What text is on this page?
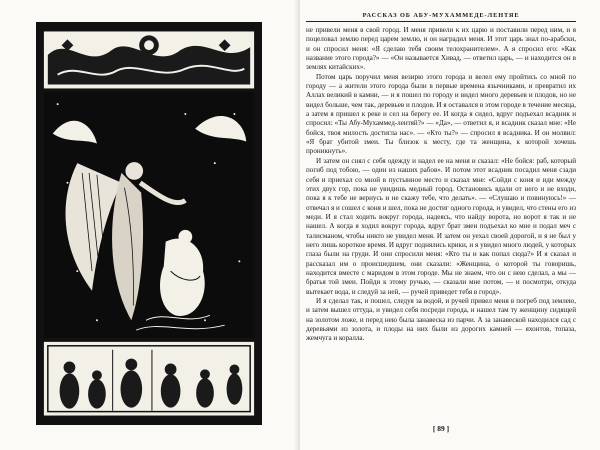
РАССКАЗ ОБ АБУ-МУХАММЕДЕ-ЛЕНТЯЕ

не привели меня в свой город. И меня привели к их царю и поставили перед ним, и я поцеловал землю перед царем землю, и он наградил меня. И этот царь знал по-арабски, и он спросил меня: «Я сделаю тебя своим телохранителем». А я спросил его: «Как название этого города?» — «Он называется Хивад, — ответил царь, — и находится он в землях китайских».

Потом царь поручил меня везирю этого города и велел ему пройтись со мной по городу — а жители этого города были в первые времена язычниками, и превратил их Аллах великий в камни, — и я пошел по городу и видел много деревьев и плодов, но не видел больше, чем так, деревьев и плодов. И я оставался в этом городе в течение месяца, а затем я пришел к реке и сел на берегу ее. И когда я сидел, вдруг подъехал всадник и спросил: «Ты Абу-Мухаммед-лентяй?» — «Да», — ответил я, и всадник сказал мне: «Не бойся, твоя милость достигла нас». — «Кто ты?» — спросил я всадника. И он молвил: «Я брат убитой змеи. Ты близок к месту, где та женщина, к которой хочешь проникнуть».

И затем он снял с себя одежду и надел ее на меня и сказал: «Не бойся: раб, который погиб под тобою, — один из наших рабов». И потом этот всадник посадил меня сзади себя и приехал со мной в пустынное место и сказал мне: «Сойди с коня и иди между этих двух гор, пока не увидишь медный город. Остановись вдали от него и не входи, пока я к тебе не вернусь и не скажу тебе, что делать». — «Слушаю и повинуюсь!» — отвечал я и сошел с коня и шел, пока не достиг одного города, и увидел, что стены его из меди. И я стал ходить вокруг города, надеясь, что найду ворота, но ворот я так и не нашел. А когда я ходил вокруг города, вдруг брат змеи подъехал ко мне и подал меч с талисманом, чтобы никто не увидел меня. И затем он уехал своей дорогой, и я не был у него лишь короткое время. И вдруг поднялись крики, и я увидел много людей, у которых глаза были на груди. И они спросили меня: «Кто ты и как попал сюда?» И я сказал и рассказал им о происшедшем, они сказали: «Женщина, о которой ты говоришь, находится вместе с маридом в этом городе. Мы не знаем, что он с нею сделал, а мы — братья той змеи. Пойди к этому ручью, — сказали мне потом, — и посмотри, откуда вытекает вода, и следуй за ней, — ручей приведет тебя в город».

И я сделал так, и пошел, следуя за водой, и ручей привел меня в погреб под землею, и затем вышел оттуда, и увидел себя посреди города, и нашел там ту женщину сидящей на золотом ложе, и перед нею была занавеска из парчи. А за занавеской находился сад с деревьями из золота, и плоды на них были из дорогих камней — яхонтов, топаза, жемчуга и коралла.

[ 89 ]
